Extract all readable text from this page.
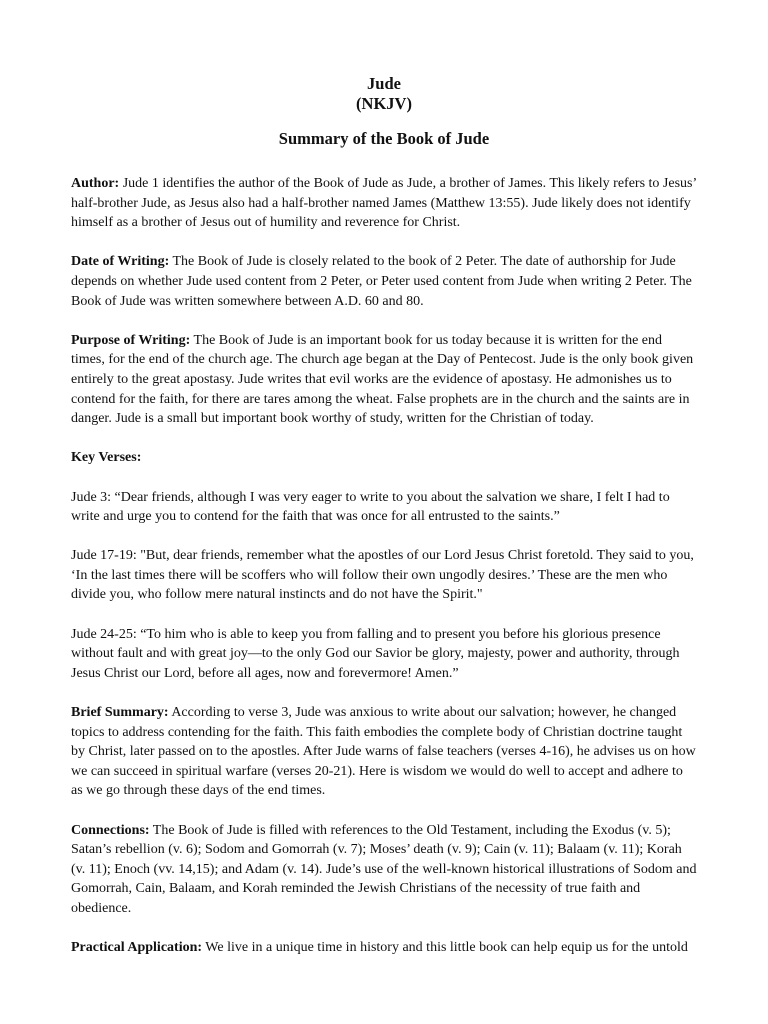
Jude

(NKJV)

Summary of the Book of Jude

Author: Jude 1 identifies the author of the Book of Jude as Jude, a brother of James. This likely refers to Jesus’ half-brother Jude, as Jesus also had a half-brother named James (Matthew 13:55). Jude likely does not identify himself as a brother of Jesus out of humility and reverence for Christ.

Date of Writing: The Book of Jude is closely related to the book of 2 Peter. The date of authorship for Jude depends on whether Jude used content from 2 Peter, or Peter used content from Jude when writing 2 Peter. The Book of Jude was written somewhere between A.D. 60 and 80.

Purpose of Writing: The Book of Jude is an important book for us today because it is written for the end times, for the end of the church age. The church age began at the Day of Pentecost. Jude is the only book given entirely to the great apostasy. Jude writes that evil works are the evidence of apostasy. He admonishes us to contend for the faith, for there are tares among the wheat. False prophets are in the church and the saints are in danger. Jude is a small but important book worthy of study, written for the Christian of today.

Key Verses:

Jude 3: “Dear friends, although I was very eager to write to you about the salvation we share, I felt I had to write and urge you to contend for the faith that was once for all entrusted to the saints.”

Jude 17-19: "But, dear friends, remember what the apostles of our Lord Jesus Christ foretold. They said to you, ‘In the last times there will be scoffers who will follow their own ungodly desires.’ These are the men who divide you, who follow mere natural instincts and do not have the Spirit."

Jude 24-25: “To him who is able to keep you from falling and to present you before his glorious presence without fault and with great joy—to the only God our Savior be glory, majesty, power and authority, through Jesus Christ our Lord, before all ages, now and forevermore! Amen.”

Brief Summary: According to verse 3, Jude was anxious to write about our salvation; however, he changed topics to address contending for the faith. This faith embodies the complete body of Christian doctrine taught by Christ, later passed on to the apostles. After Jude warns of false teachers (verses 4-16), he advises us on how we can succeed in spiritual warfare (verses 20-21). Here is wisdom we would do well to accept and adhere to as we go through these days of the end times.

Connections: The Book of Jude is filled with references to the Old Testament, including the Exodus (v. 5); Satan’s rebellion (v. 6); Sodom and Gomorrah (v. 7); Moses’ death (v. 9); Cain (v. 11); Balaam (v. 11); Korah (v. 11); Enoch (vv. 14,15); and Adam (v. 14). Jude’s use of the well-known historical illustrations of Sodom and Gomorrah, Cain, Balaam, and Korah reminded the Jewish Christians of the necessity of true faith and obedience.

Practical Application: We live in a unique time in history and this little book can help equip us for the untold
